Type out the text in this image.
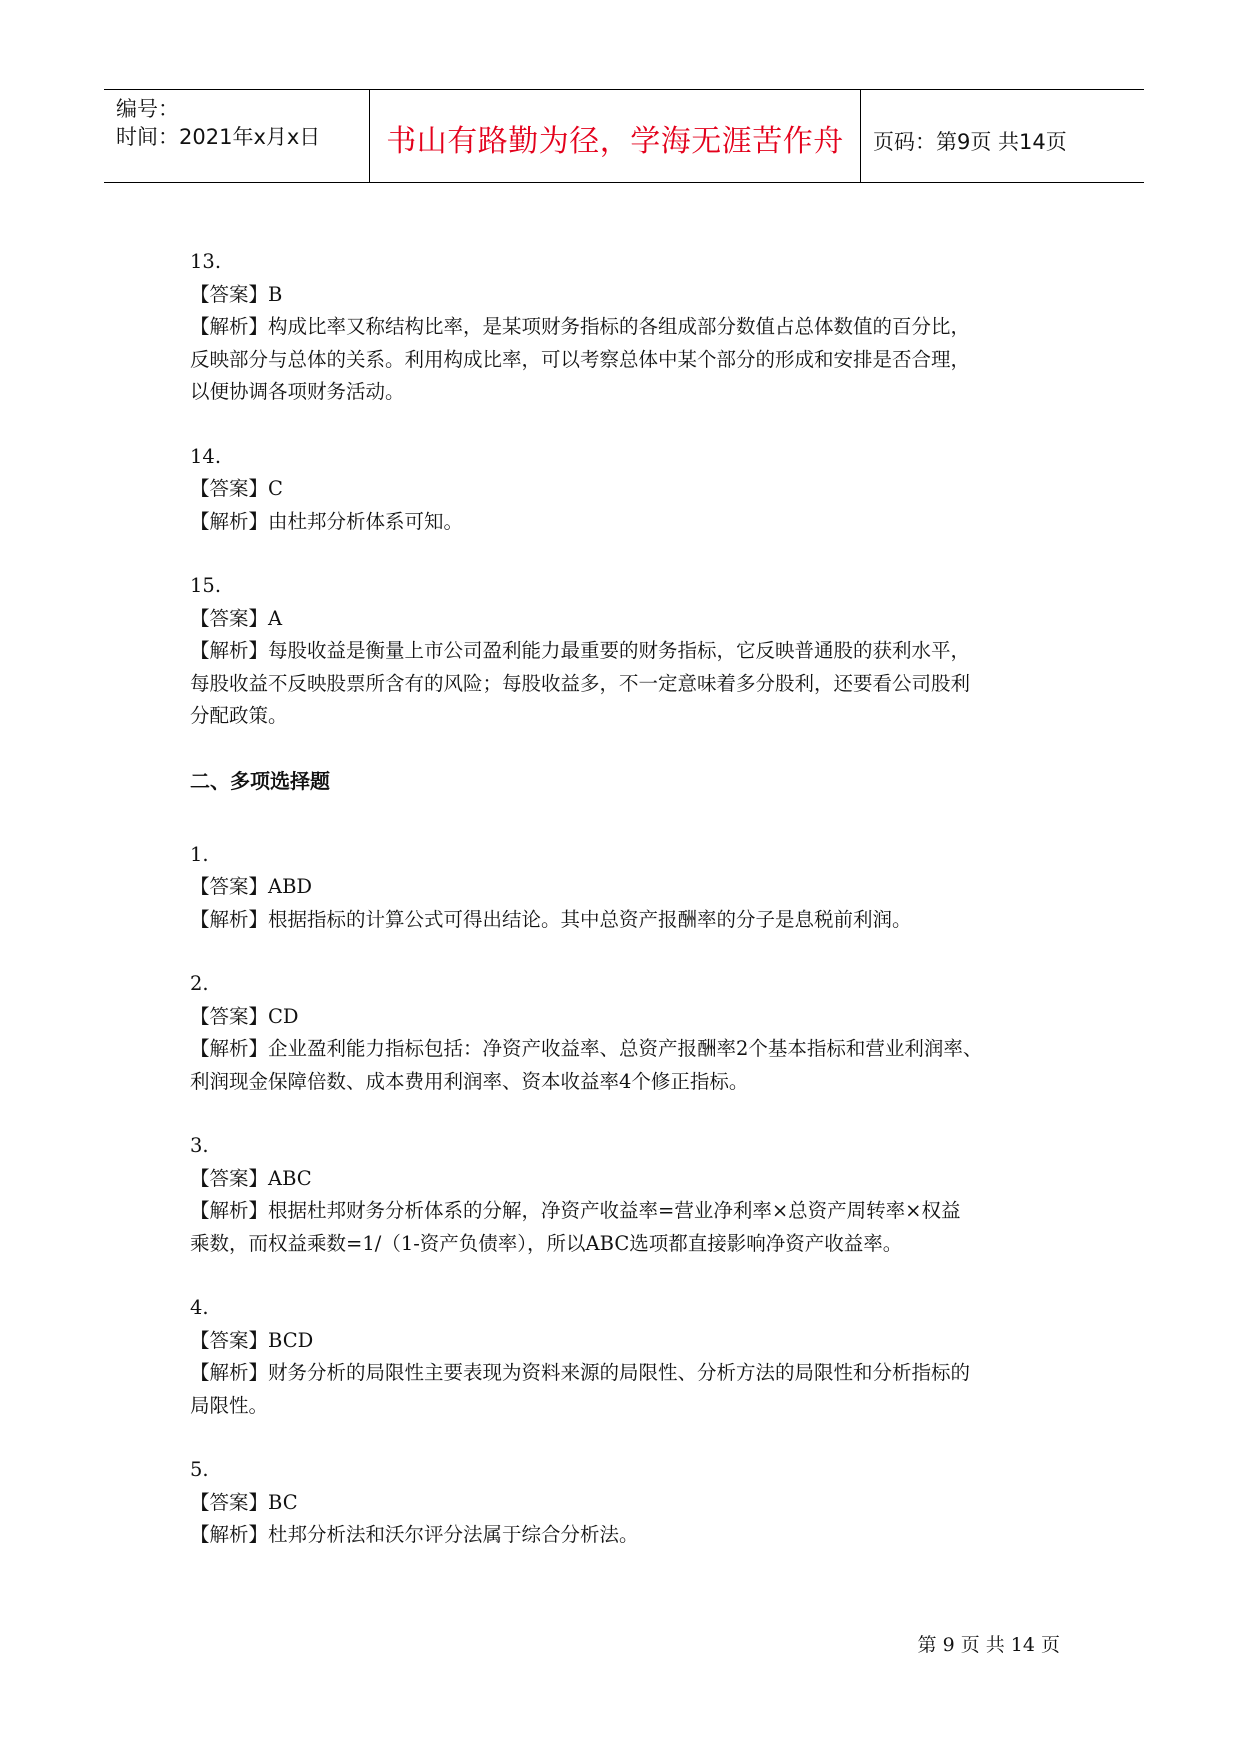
编号：
时间：2021年x月x日	书山有路勤为径，学海无涯苦作舟	页码：第9页 共14页

13.

【答案】B

【解析】构成比率又称结构比率，是某项财务指标的各组成部分数值占总体数值的百分比，

反映部分与总体的关系。利用构成比率，可以考察总体中某个部分的形成和安排是否合理，

以便协调各项财务活动。

14.

【答案】C

【解析】由杜邦分析体系可知。

15.

【答案】A

【解析】每股收益是衡量上市公司盈利能力最重要的财务指标，它反映普通股的获利水平，

每股收益不反映股票所含有的风险；每股收益多，不一定意味着多分股利，还要看公司股利

分配政策。

二、多项选择题

1.

【答案】ABD

【解析】根据指标的计算公式可得出结论。其中总资产报酬率的分子是息税前利润。

2.

【答案】CD

【解析】企业盈利能力指标包括：净资产收益率、总资产报酬率2个基本指标和营业利润率、

利润现金保障倍数、成本费用利润率、资本收益率4个修正指标。

3.

【答案】ABC

【解析】根据杜邦财务分析体系的分解，净资产收益率=营业净利率×总资产周转率×权益

乘数，而权益乘数=1/（1-资产负债率），所以ABC选项都直接影响净资产收益率。

4.

【答案】BCD

【解析】财务分析的局限性主要表现为资料来源的局限性、分析方法的局限性和分析指标的

局限性。

5.

【答案】BC

【解析】杜邦分析法和沃尔评分法属于综合分析法。

第 9 页 共 14 页
